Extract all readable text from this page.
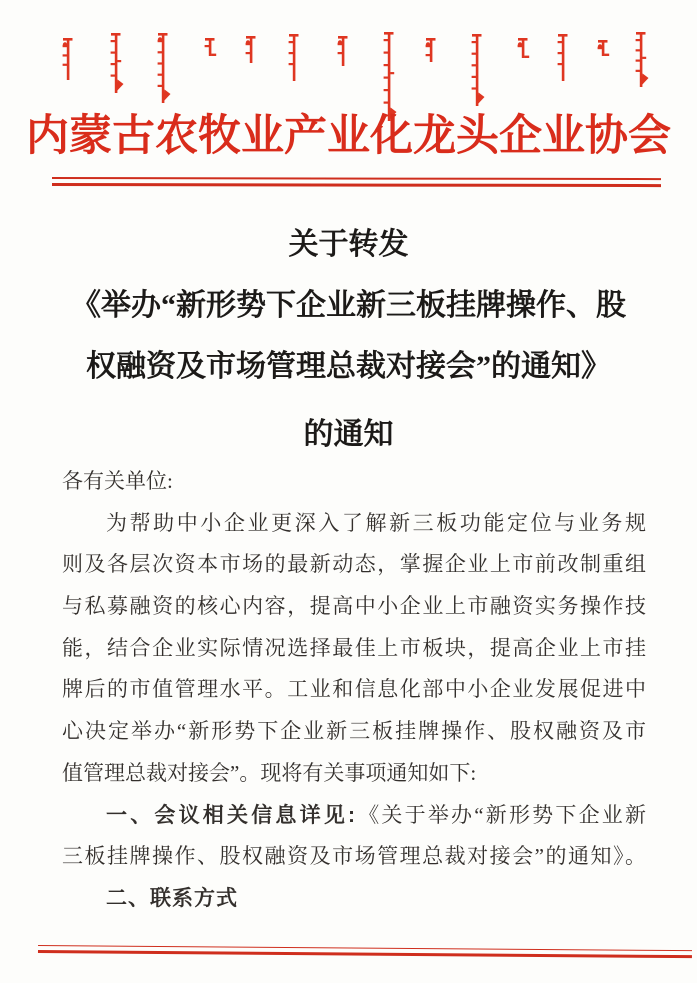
内蒙古农牧业产业化龙头企业协会
关于转发
《举办“新形势下企业新三板挂牌操作、股
权融资及市场管理总裁对接会”的通知》
的通知
各有关单位:
为帮助中小企业更深入了解新三板功能定位与业务规
则及各层次资本市场的最新动态，掌握企业上市前改制重组
与私募融资的核心内容，提高中小企业上市融资实务操作技
能，结合企业实际情况选择最佳上市板块，提高企业上市挂
牌后的市值管理水平。工业和信息化部中小企业发展促进中
心决定举办“新形势下企业新三板挂牌操作、股权融资及市
值管理总裁对接会”。现将有关事项通知如下:
一、会议相关信息详见:《关于举办“新形势下企业新
三板挂牌操作、股权融资及市场管理总裁对接会”的通知》。
二、联系方式
